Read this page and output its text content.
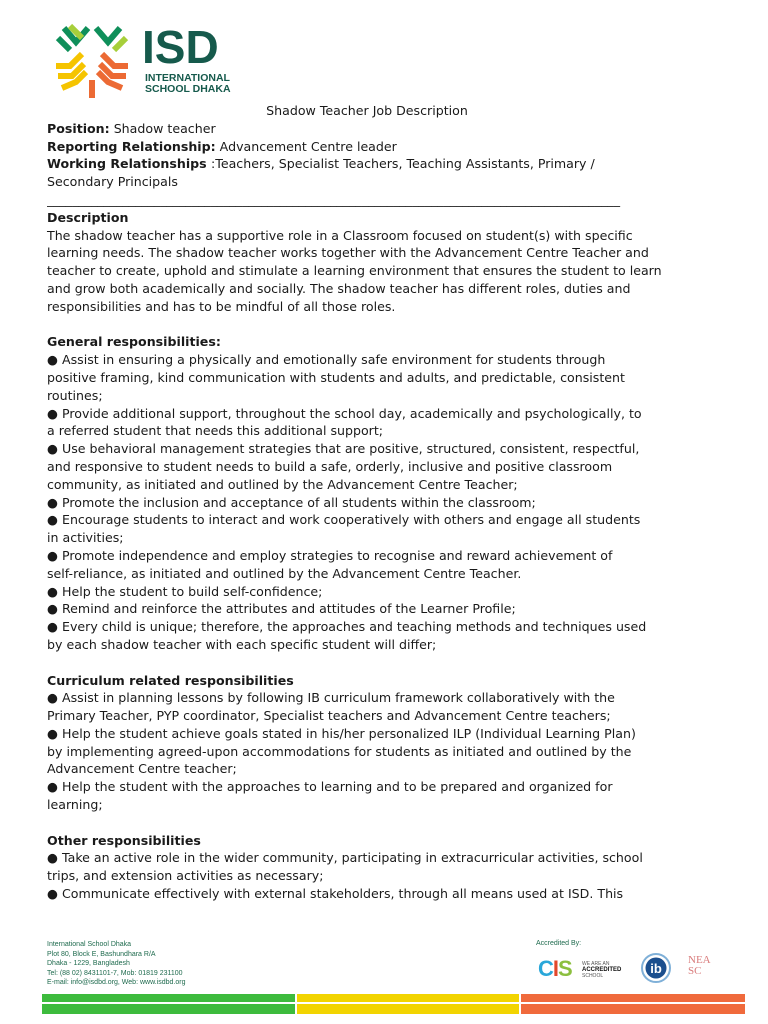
ISD
INTERNATIONAL
SCHOOL DHAKA

Shadow Teacher Job Description

Position: Shadow teacher

Reporting Relationship: Advancement Centre leader

Working Relationships :Teachers, Specialist Teachers, Teaching Assistants, Primary /

Secondary Principals

___________________________________________________________________________________________

Description

The shadow teacher has a supportive role in a Classroom focused on student(s) with specific

learning needs. The shadow teacher works together with the Advancement Centre Teacher and

teacher to create, uphold and stimulate a learning environment that ensures the student to learn

and grow both academically and socially. The shadow teacher has different roles, duties and

responsibilities and has to be mindful of all those roles.

General responsibilities:

● Assist in ensuring a physically and emotionally safe environment for students through

positive framing, kind communication with students and adults, and predictable, consistent

routines;

● Provide additional support, throughout the school day, academically and psychologically, to

a referred student that needs this additional support;

● Use behavioral management strategies that are positive, structured, consistent, respectful,

and responsive to student needs to build a safe, orderly, inclusive and positive classroom

community, as initiated and outlined by the Advancement Centre Teacher;

● Promote the inclusion and acceptance of all students within the classroom;

● Encourage students to interact and work cooperatively with others and engage all students

in activities;

● Promote independence and employ strategies to recognise and reward achievement of

self-reliance, as initiated and outlined by the Advancement Centre Teacher.

● Help the student to build self-confidence;

● Remind and reinforce the attributes and attitudes of the Learner Profile;

● Every child is unique; therefore, the approaches and teaching methods and techniques used

by each shadow teacher with each specific student will differ;

Curriculum related responsibilities

● Assist in planning lessons by following IB curriculum framework collaboratively with the

Primary Teacher, PYP coordinator, Specialist teachers and Advancement Centre teachers;

● Help the student achieve goals stated in his/her personalized ILP (Individual Learning Plan)

by implementing agreed-upon accommodations for students as initiated and outlined by the

Advancement Centre teacher;

● Help the student with the approaches to learning and to be prepared and organized for

learning;

Other responsibilities

● Take an active role in the wider community, participating in extracurricular activities, school

trips, and extension activities as necessary;

● Communicate effectively with external stakeholders, through all means used at ISD. This

International School Dhaka
Plot 80, Block E, Bashundhara R/A
Dhaka - 1229, Bangladesh
Tel: (88 02) 8431101-7, Mob: 01819 231100
E-mail: info@isdbd.org, Web: www.isdbd.org
Accredited By:
CIS WE ARE AN
ACCREDITED
SCHOOL	ib
NEA
SC
